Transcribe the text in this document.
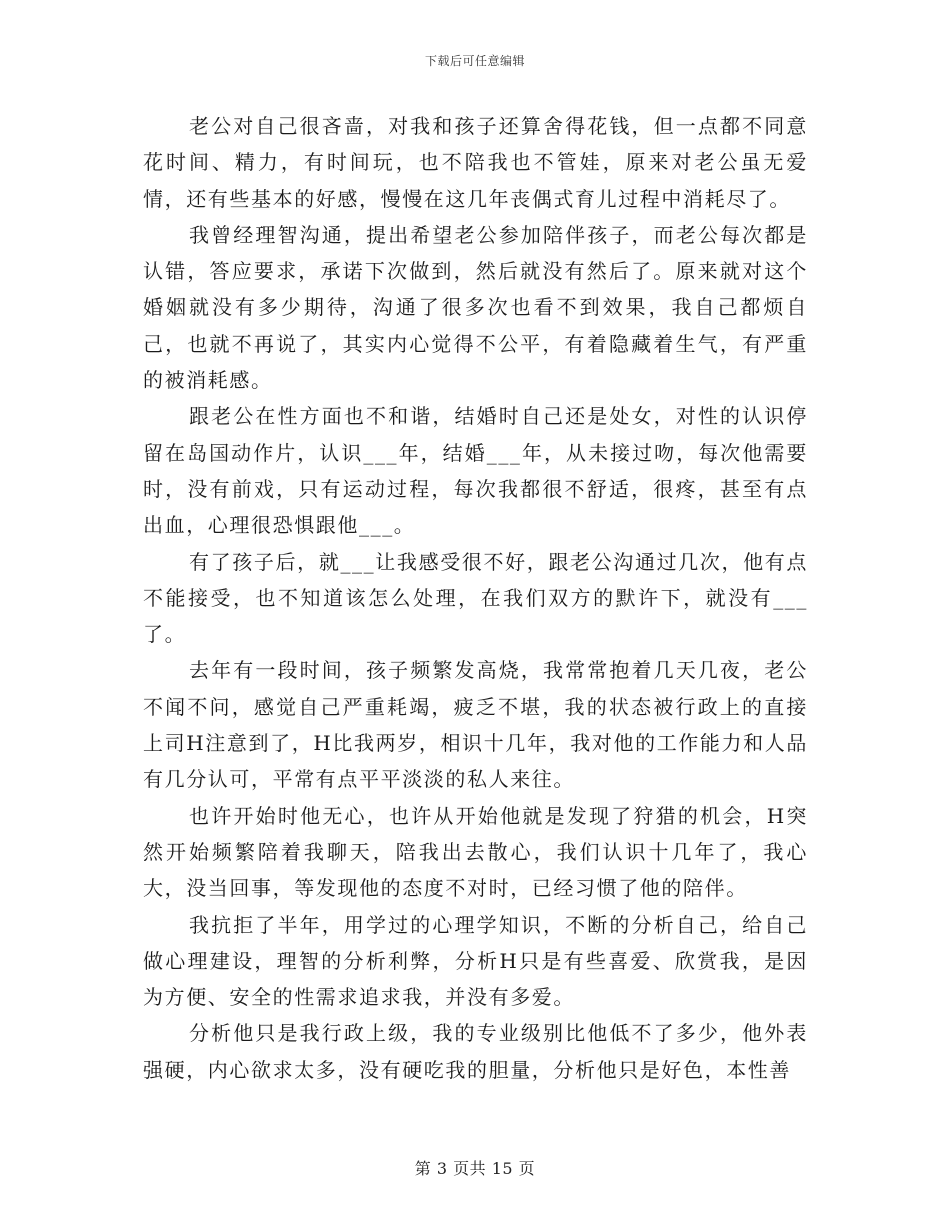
下载后可任意编辑

老公对自己很吝啬，对我和孩子还算舍得花钱，但一点都不同意花时间、精力，有时间玩，也不陪我也不管娃，原来对老公虽无爱情，还有些基本的好感，慢慢在这几年丧偶式育儿过程中消耗尽了。

我曾经理智沟通，提出希望老公参加陪伴孩子，而老公每次都是认错，答应要求，承诺下次做到，然后就没有然后了。原来就对这个婚姻就没有多少期待，沟通了很多次也看不到效果，我自己都烦自己，也就不再说了，其实内心觉得不公平，有着隐藏着生气，有严重的被消耗感。

跟老公在性方面也不和谐，结婚时自己还是处女，对性的认识停留在岛国动作片，认识___年，结婚___年，从未接过吻，每次他需要时，没有前戏，只有运动过程，每次我都很不舒适，很疼，甚至有点出血，心理很恐惧跟他___。

有了孩子后，就___让我感受很不好，跟老公沟通过几次，他有点不能接受，也不知道该怎么处理，在我们双方的默许下，就没有___了。

去年有一段时间，孩子频繁发高烧，我常常抱着几天几夜，老公不闻不问，感觉自己严重耗竭，疲乏不堪，我的状态被行政上的直接上司H注意到了，H比我两岁，相识十几年，我对他的工作能力和人品有几分认可，平常有点平平淡淡的私人来往。

也许开始时他无心，也许从开始他就是发现了狩猎的机会，H突然开始频繁陪着我聊天，陪我出去散心，我们认识十几年了，我心大，没当回事，等发现他的态度不对时，已经习惯了他的陪伴。

我抗拒了半年，用学过的心理学知识，不断的分析自己，给自己做心理建设，理智的分析利弊，分析H只是有些喜爱、欣赏我，是因为方便、安全的性需求追求我，并没有多爱。

分析他只是我行政上级，我的专业级别比他低不了多少，他外表强硬，内心欲求太多，没有硬吃我的胆量，分析他只是好色，本性善

第 3 页共 15 页
